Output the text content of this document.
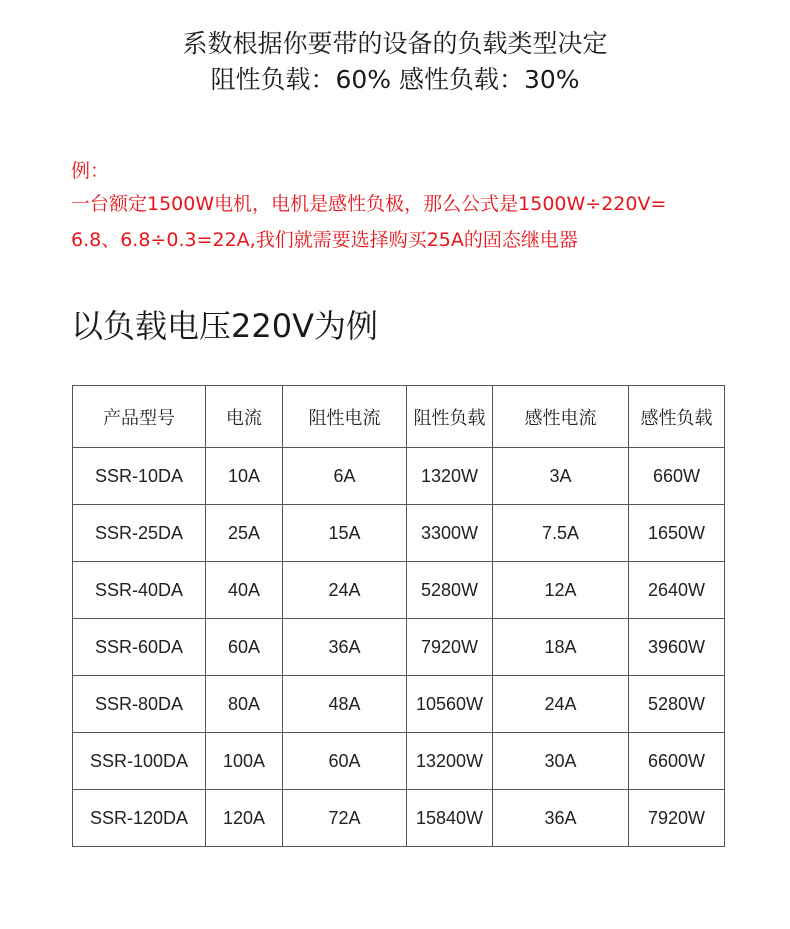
系数根据你要带的设备的负载类型决定
阻性负载：60% 感性负载：30%
例：
一台额定1500W电机，电机是感性负极，那么公式是1500W÷220V=
6.8、6.8÷0.3=22A,我们就需要选择购买25A的固态继电器
以负载电压220V为例
产品型号	电流	阻性电流	阻性负载	感性电流	感性负载
SSR-10DA	10A	6A	1320W	3A	660W
SSR-25DA	25A	15A	3300W	7.5A	1650W
SSR-40DA	40A	24A	5280W	12A	2640W
SSR-60DA	60A	36A	7920W	18A	3960W
SSR-80DA	80A	48A	10560W	24A	5280W
SSR-100DA	100A	60A	13200W	30A	6600W
SSR-120DA	120A	72A	15840W	36A	7920W
